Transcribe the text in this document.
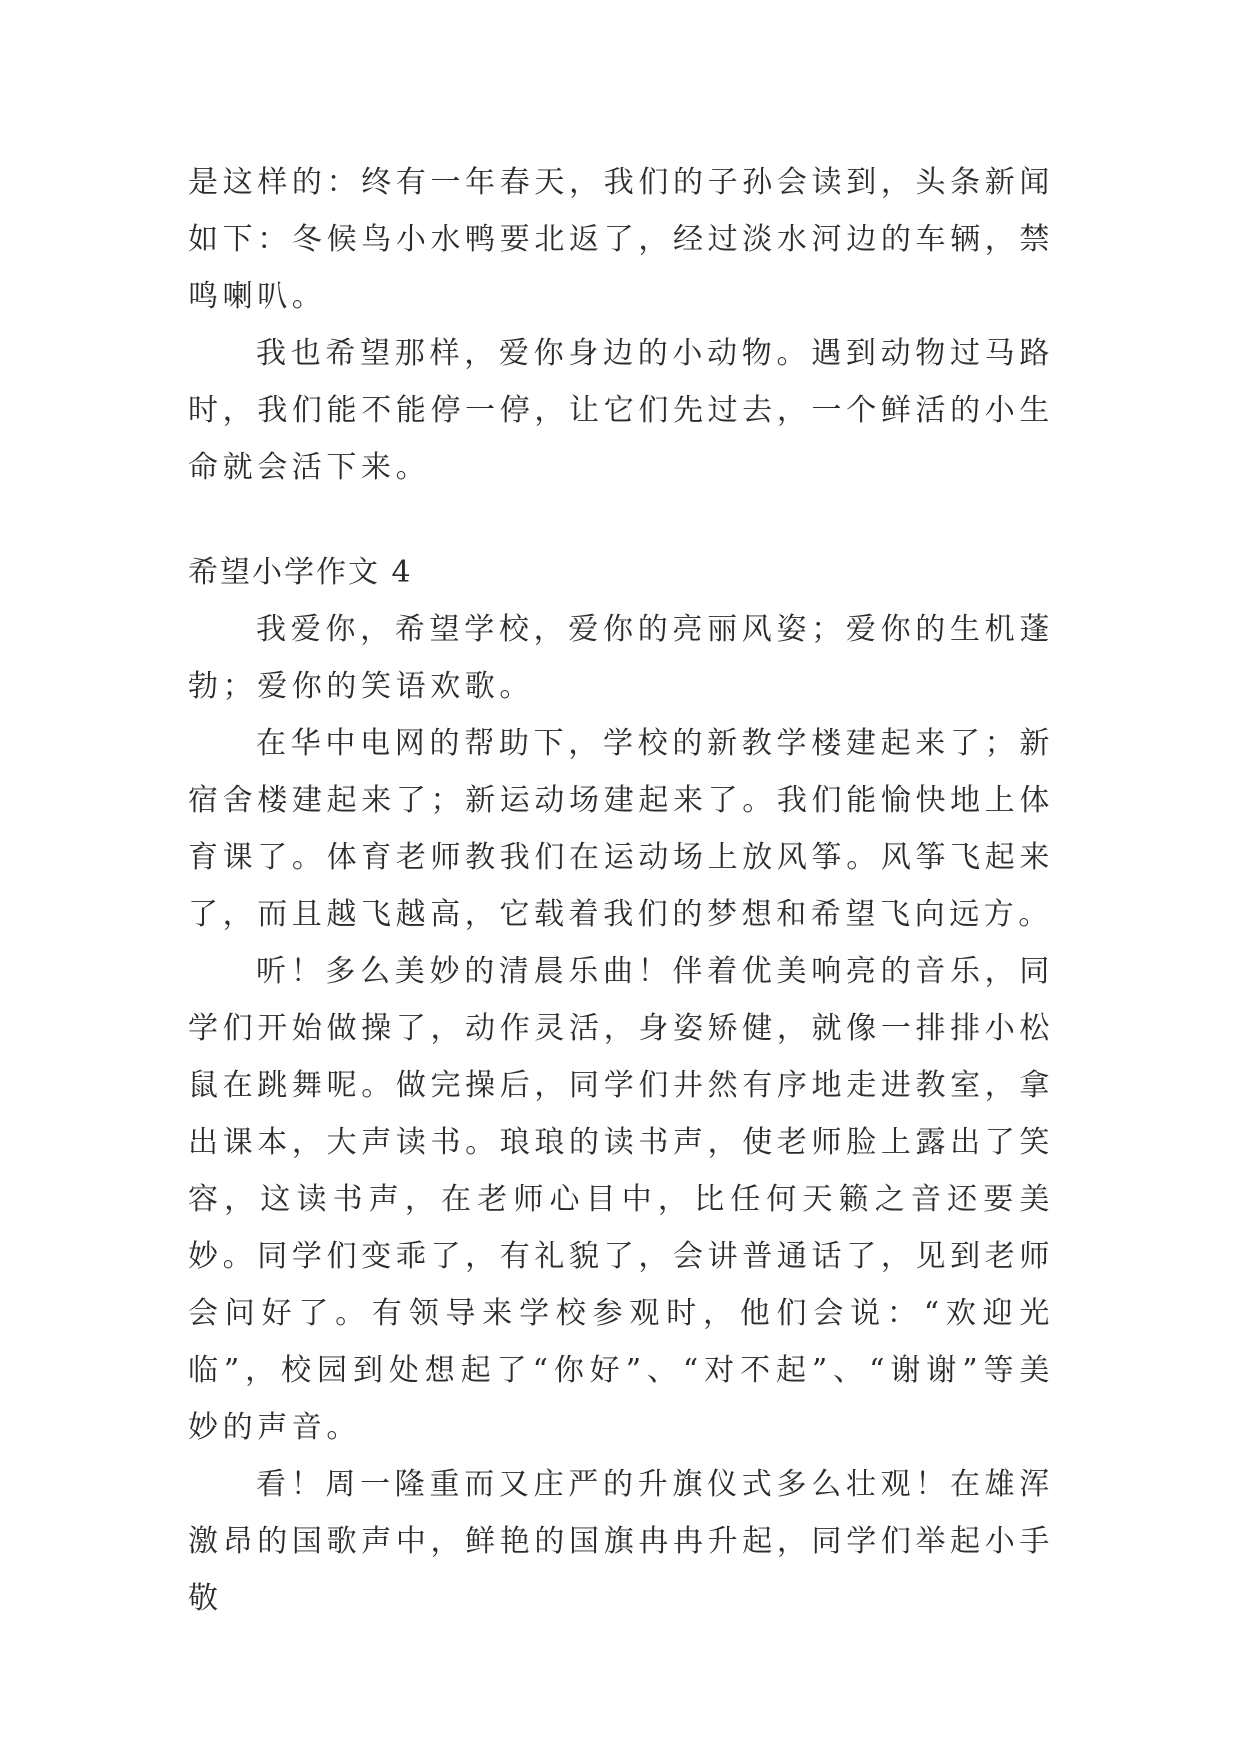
是这样的：终有一年春天，我们的子孙会读到，头条新闻如下：冬候鸟小水鸭要北返了，经过淡水河边的车辆，禁鸣喇叭。

我也希望那样，爱你身边的小动物。遇到动物过马路时，我们能不能停一停，让它们先过去，一个鲜活的小生命就会活下来。

希望小学作文 4

我爱你，希望学校，爱你的亮丽风姿；爱你的生机蓬勃；爱你的笑语欢歌。

在华中电网的帮助下，学校的新教学楼建起来了；新宿舍楼建起来了；新运动场建起来了。我们能愉快地上体育课了。体育老师教我们在运动场上放风筝。风筝飞起来了，而且越飞越高，它载着我们的梦想和希望飞向远方。

听！多么美妙的清晨乐曲！伴着优美响亮的音乐，同学们开始做操了，动作灵活，身姿矫健，就像一排排小松鼠在跳舞呢。做完操后，同学们井然有序地走进教室，拿出课本，大声读书。琅琅的读书声，使老师脸上露出了笑容，这读书声，在老师心目中，比任何天籁之音还要美妙。同学们变乖了，有礼貌了，会讲普通话了，见到老师会问好了。有领导来学校参观时，他们会说：“欢迎光临”，校园到处想起了“你好”、“对不起”、“谢谢”等美妙的声音。

看！周一隆重而又庄严的升旗仪式多么壮观！在雄浑激昂的国歌声中，鲜艳的国旗冉冉升起，同学们举起小手敬
